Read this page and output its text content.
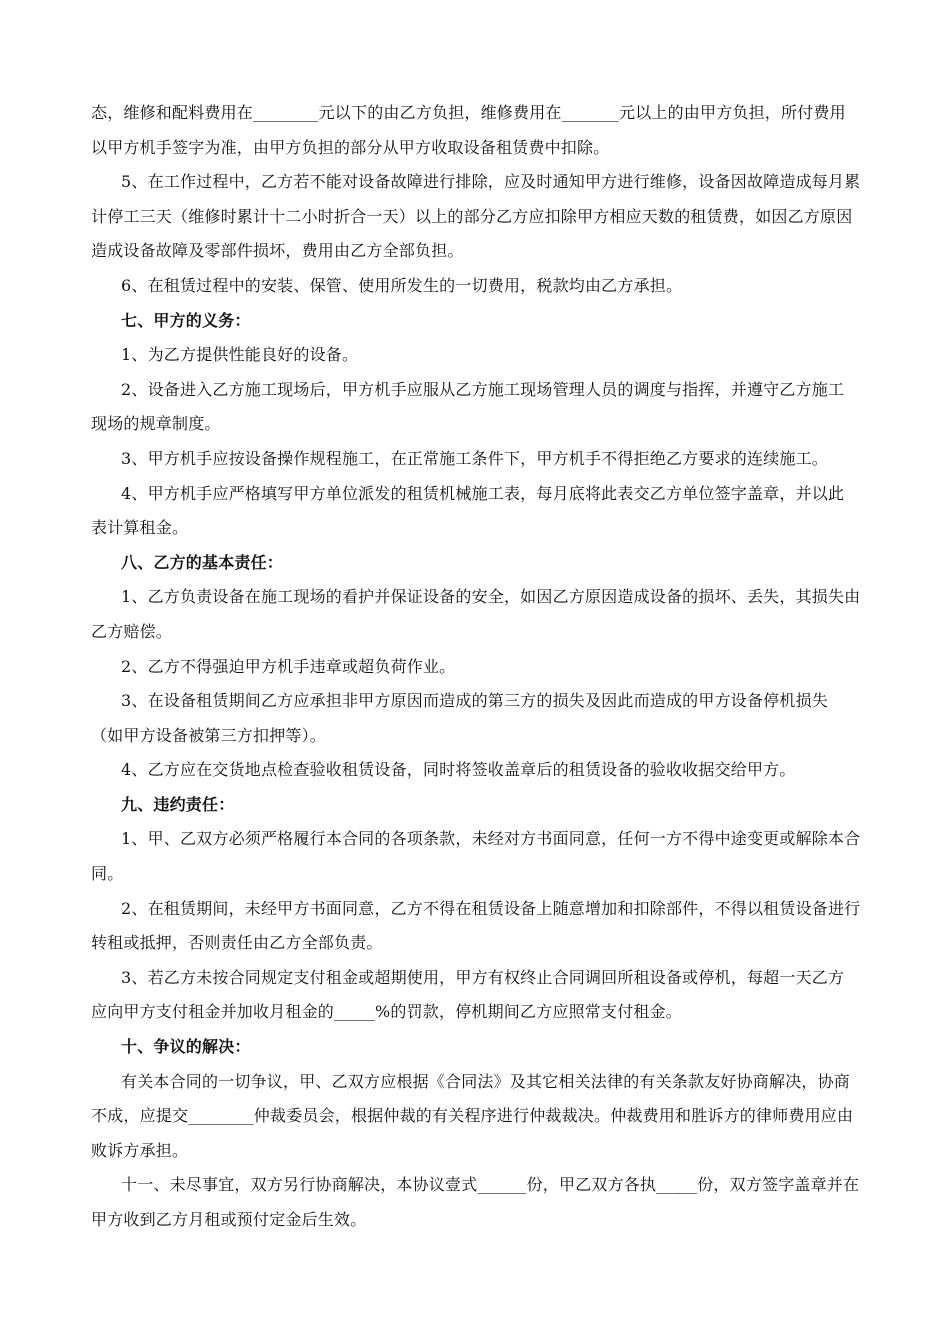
态，维修和配料费用在________元以下的由乙方负担，维修费用在_______元以上的由甲方负担，所付费用
以甲方机手签字为准，由甲方负担的部分从甲方收取设备租赁费中扣除。
5、在工作过程中，乙方若不能对设备故障进行排除，应及时通知甲方进行维修，设备因故障造成每月累
计停工三天（维修时累计十二小时折合一天）以上的部分乙方应扣除甲方相应天数的租赁费，如因乙方原因
造成设备故障及零部件损坏，费用由乙方全部负担。
6、在租赁过程中的安装、保管、使用所发生的一切费用，税款均由乙方承担。
七、甲方的义务：
1、为乙方提供性能良好的设备。
2、设备进入乙方施工现场后，甲方机手应服从乙方施工现场管理人员的调度与指挥，并遵守乙方施工
现场的规章制度。
3、甲方机手应按设备操作规程施工，在正常施工条件下，甲方机手不得拒绝乙方要求的连续施工。
4、甲方机手应严格填写甲方单位派发的租赁机械施工表，每月底将此表交乙方单位签字盖章，并以此
表计算租金。
八、乙方的基本责任：
1、乙方负责设备在施工现场的看护并保证设备的安全，如因乙方原因造成设备的损坏、丢失，其损失由
乙方赔偿。
2、乙方不得强迫甲方机手违章或超负荷作业。
3、在设备租赁期间乙方应承担非甲方原因而造成的第三方的损失及因此而造成的甲方设备停机损失
（如甲方设备被第三方扣押等）。
4、乙方应在交货地点检查验收租赁设备，同时将签收盖章后的租赁设备的验收收据交给甲方。
九、违约责任：
1、甲、乙双方必须严格履行本合同的各项条款，未经对方书面同意，任何一方不得中途变更或解除本合
同。
2、在租赁期间，未经甲方书面同意，乙方不得在租赁设备上随意增加和扣除部件，不得以租赁设备进行
转租或抵押，否则责任由乙方全部负责。
3、若乙方未按合同规定支付租金或超期使用，甲方有权终止合同调回所租设备或停机，每超一天乙方
应向甲方支付租金并加收月租金的_____%的罚款，停机期间乙方应照常支付租金。
十、争议的解决：
有关本合同的一切争议，甲、乙双方应根据《合同法》及其它相关法律的有关条款友好协商解决，协商
不成，应提交________仲裁委员会，根据仲裁的有关程序进行仲裁裁决。仲裁费用和胜诉方的律师费用应由
败诉方承担。
十一、未尽事宜，双方另行协商解决，本协议壹式______份，甲乙双方各执_____份，双方签字盖章并在
甲方收到乙方月租或预付定金后生效。
